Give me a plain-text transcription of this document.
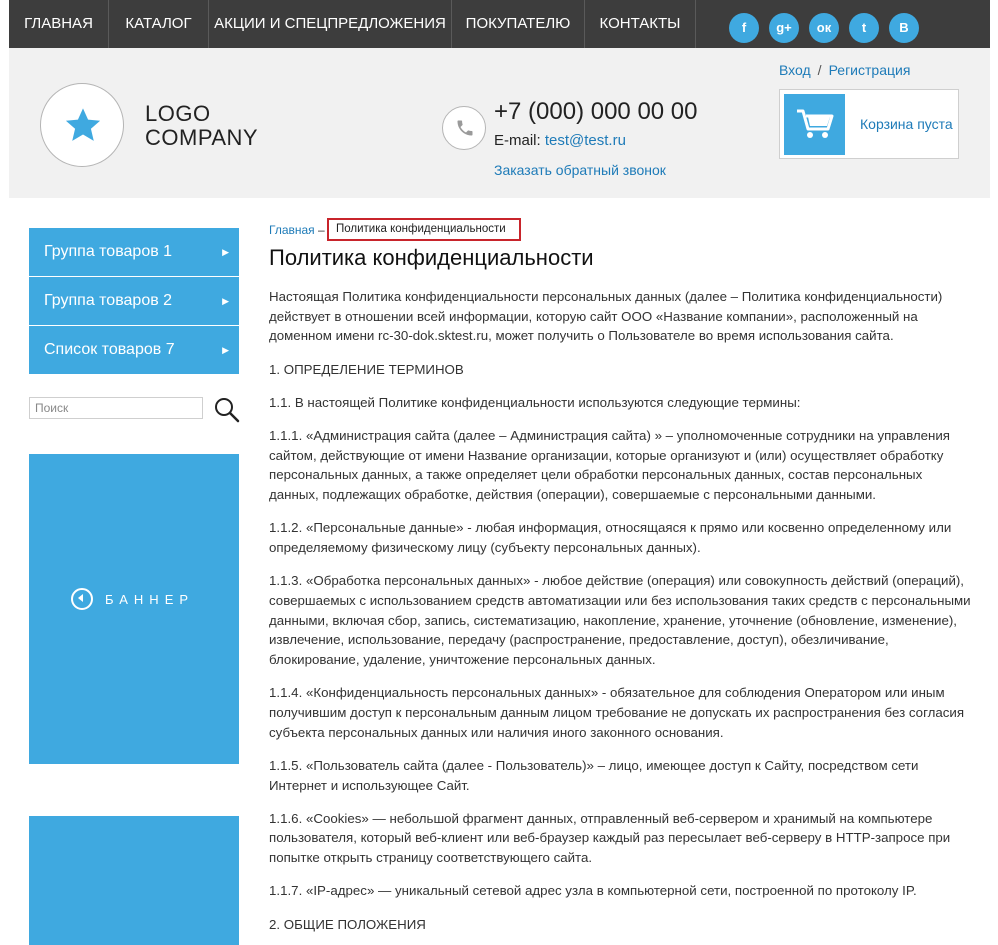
ГЛАВНАЯ	КАТАЛОГ	АКЦИИ И СПЕЦПРЕДЛОЖЕНИЯ	ПОКУПАТЕЛЮ	КОНТАКТЫ	f	g+	ок	t	B
LOGO
COMPANY
+7 (000) 000 00 00
E-mail: test@test.ru
Заказать обратный звонок
Вход / Регистрация
Корзина пуста
Группа товаров 1	▶
Группа товаров 2	▶
Список товаров 7	▶
Поиск
БАННЕР
Главная – Политика конфиденциальности
Политика конфиденциальности

Настоящая Политика конфиденциальности персональных данных (далее – Политика конфиденциальности) действует в отношении всей информации, которую сайт ООО «Название компании», расположенный на доменном имени rc-30-dok.sktest.ru, может получить о Пользователе во время использования сайта.

1. ОПРЕДЕЛЕНИЕ ТЕРМИНОВ

1.1. В настоящей Политике конфиденциальности используются следующие термины:

1.1.1. «Администрация сайта (далее – Администрация сайта) » – уполномоченные сотрудники на управления сайтом, действующие от имени Название организации, которые организуют и (или) осуществляет обработку персональных данных, а также определяет цели обработки персональных данных, состав персональных данных, подлежащих обработке, действия (операции), совершаемые с персональными данными.

1.1.2. «Персональные данные» - любая информация, относящаяся к прямо или косвенно определенному или определяемому физическому лицу (субъекту персональных данных).

1.1.3. «Обработка персональных данных» - любое действие (операция) или совокупность действий (операций), совершаемых с использованием средств автоматизации или без использования таких средств с персональными данными, включая сбор, запись, систематизацию, накопление, хранение, уточнение (обновление, изменение), извлечение, использование, передачу (распространение, предоставление, доступ), обезличивание, блокирование, удаление, уничтожение персональных данных.

1.1.4. «Конфиденциальность персональных данных» - обязательное для соблюдения Оператором или иным получившим доступ к персональным данным лицом требование не допускать их распространения без согласия субъекта персональных данных или наличия иного законного основания.

1.1.5. «Пользователь сайта (далее - Пользователь)» – лицо, имеющее доступ к Сайту, посредством сети Интернет и использующее Сайт.

1.1.6. «Cookies» — небольшой фрагмент данных, отправленный веб-сервером и хранимый на компьютере пользователя, который веб-клиент или веб-браузер каждый раз пересылает веб-серверу в HTTP-запросе при попытке открыть страницу соответствующего сайта.

1.1.7. «IP-адрес» — уникальный сетевой адрес узла в компьютерной сети, построенной по протоколу IP.

2. ОБЩИЕ ПОЛОЖЕНИЯ
